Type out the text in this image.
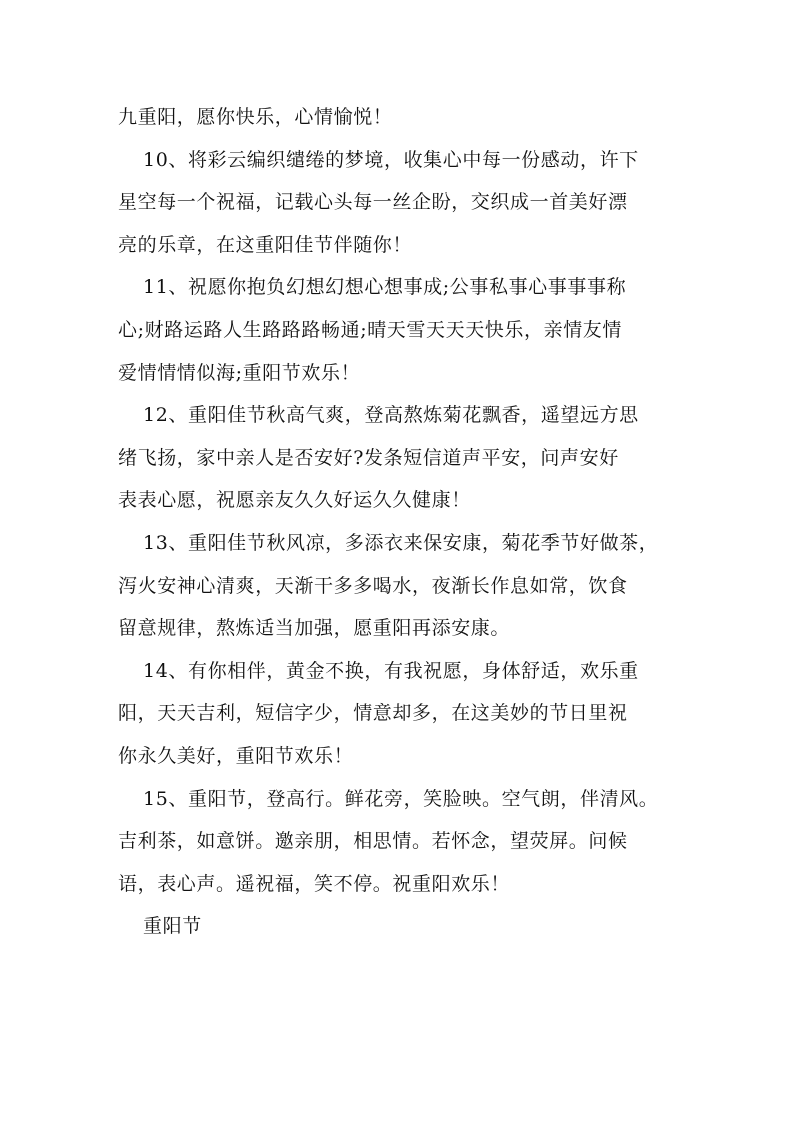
九重阳，愿你快乐，心情愉悦！
10、将彩云编织缱绻的梦境，收集心中每一份感动，许下
星空每一个祝福，记载心头每一丝企盼，交织成一首美好漂
亮的乐章，在这重阳佳节伴随你！
11、祝愿你抱负幻想幻想心想事成;公事私事心事事事称
心;财路运路人生路路路畅通;晴天雪天天天快乐，亲情友情
爱情情情似海;重阳节欢乐！
12、重阳佳节秋高气爽，登高熬炼菊花飘香，遥望远方思
绪飞扬，家中亲人是否安好?发条短信道声平安，问声安好
表表心愿，祝愿亲友久久好运久久健康！
13、重阳佳节秋风凉，多添衣来保安康，菊花季节好做茶，
泻火安神心清爽，天渐干多多喝水，夜渐长作息如常，饮食
留意规律，熬炼适当加强，愿重阳再添安康。
14、有你相伴，黄金不换，有我祝愿，身体舒适，欢乐重
阳，天天吉利，短信字少，情意却多，在这美妙的节日里祝
你永久美好，重阳节欢乐！
15、重阳节，登高行。鲜花旁，笑脸映。空气朗，伴清风。
吉利茶，如意饼。邀亲朋，相思情。若怀念，望荧屏。问候
语，表心声。遥祝福，笑不停。祝重阳欢乐！
重阳节
